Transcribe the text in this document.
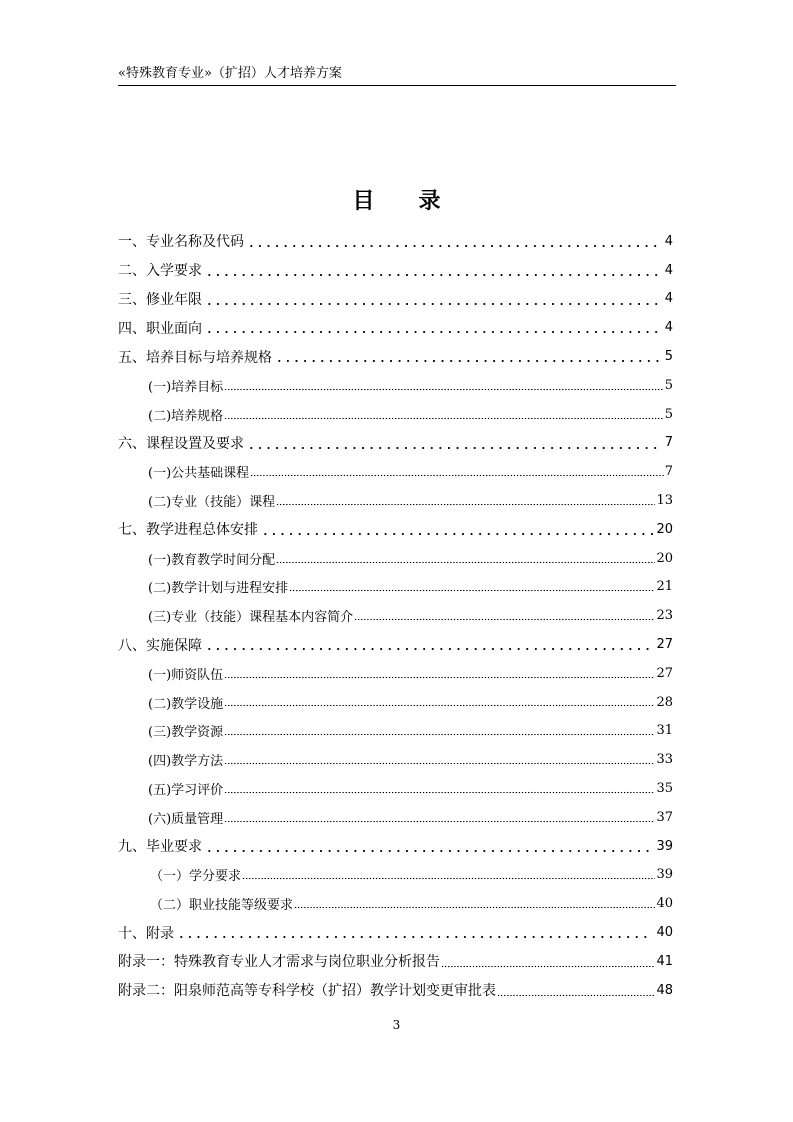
«特殊教育专业»（扩招）人才培养方案
目 录
一、专业名称及代码	4
二、入学要求	4
三、修业年限	4
四、职业面向	4
五、培养目标与培养规格	5
(一)培养目标	5
(二)培养规格	5
六、课程设置及要求	7
(一)公共基础课程	7
(二)专业（技能）课程	13
七、教学进程总体安排	20
(一)教育教学时间分配	20
(二)教学计划与进程安排	21
(三)专业（技能）课程基本内容简介	23
八、实施保障	27
(一)师资队伍	27
(二)教学设施	28
(三)教学资源	31
(四)教学方法	33
(五)学习评价	35
(六)质量管理	37
九、毕业要求	39
（一）学分要求	39
（二）职业技能等级要求	40
十、附录	40
附录一：特殊教育专业人才需求与岗位职业分析报告	41
附录二：阳泉师范高等专科学校（扩招）教学计划变更审批表	48
3
